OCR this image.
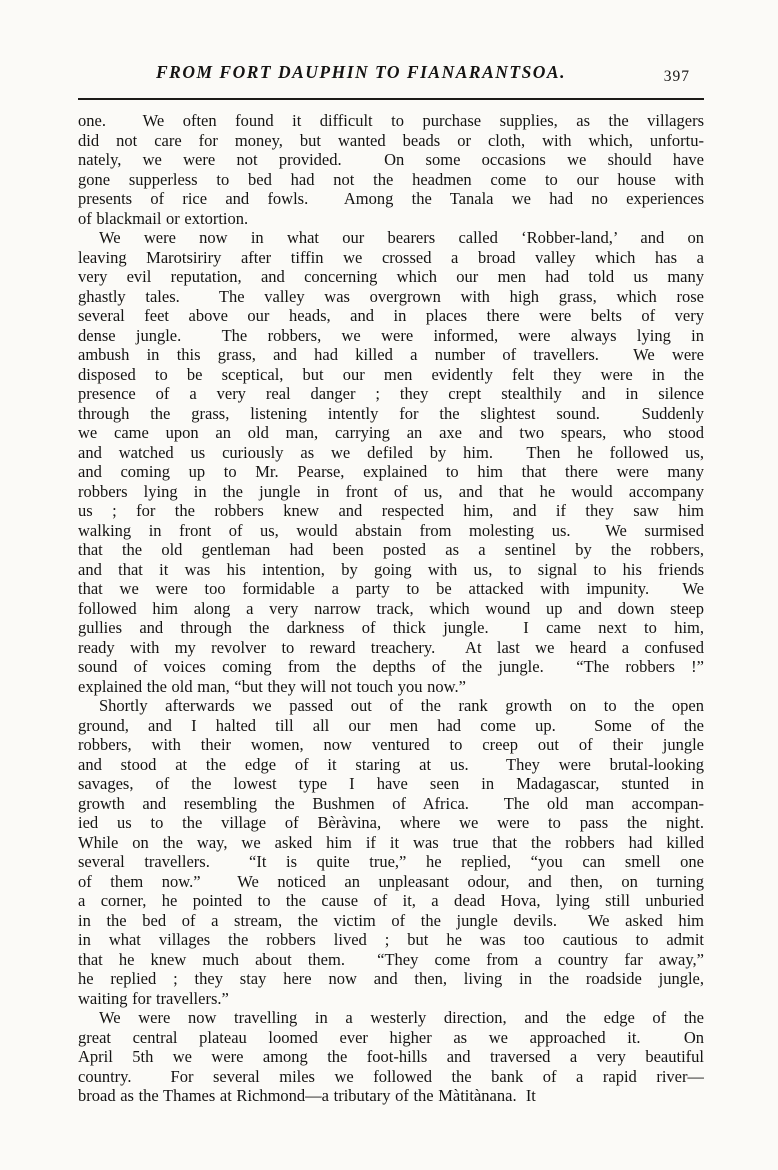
FROM FORT DAUPHIN TO FIANARANTSOA.	397
one.  We often found it difficult to purchase supplies, as the villagers
did not care for money, but wanted beads or cloth, with which, unfortu-
nately, we were not provided.  On some occasions we should have
gone supperless to bed had not the headmen come to our house with
presents of rice and fowls.  Among the Tanala we had no experiences
of blackmail or extortion.
We were now in what our bearers called ‘Robber-land,’ and on
leaving Marotsiriry after tiffin we crossed a broad valley which has a
very evil reputation, and concerning which our men had told us many
ghastly tales.  The valley was overgrown with high grass, which rose
several feet above our heads, and in places there were belts of very
dense jungle.  The robbers, we were informed, were always lying in
ambush in this grass, and had killed a number of travellers.  We were
disposed to be sceptical, but our men evidently felt they were in the
presence of a very real danger ; they crept stealthily and in silence
through the grass, listening intently for the slightest sound.  Suddenly
we came upon an old man, carrying an axe and two spears, who stood
and watched us curiously as we defiled by him.  Then he followed us,
and coming up to Mr. Pearse, explained to him that there were many
robbers lying in the jungle in front of us, and that he would accompany
us ; for the robbers knew and respected him, and if they saw him
walking in front of us, would abstain from molesting us.  We surmised
that the old gentleman had been posted as a sentinel by the robbers,
and that it was his intention, by going with us, to signal to his friends
that we were too formidable a party to be attacked with impunity.  We
followed him along a very narrow track, which wound up and down steep
gullies and through the darkness of thick jungle.  I came next to him,
ready with my revolver to reward treachery.  At last we heard a confused
sound of voices coming from the depths of the jungle.  “The robbers !”
explained the old man, “but they will not touch you now.”
Shortly afterwards we passed out of the rank growth on to the open
ground, and I halted till all our men had come up.  Some of the
robbers, with their women, now ventured to creep out of their jungle
and stood at the edge of it staring at us.  They were brutal-looking
savages, of the lowest type I have seen in Madagascar, stunted in
growth and resembling the Bushmen of Africa.  The old man accompan-
ied us to the village of Bèràvina, where we were to pass the night.
While on the way, we asked him if it was true that the robbers had killed
several travellers.  “It is quite true,” he replied, “you can smell one
of them now.”  We noticed an unpleasant odour, and then, on turning
a corner, he pointed to the cause of it, a dead Hova, lying still unburied
in the bed of a stream, the victim of the jungle devils.  We asked him
in what villages the robbers lived ; but he was too cautious to admit
that he knew much about them.  “They come from a country far away,”
he replied ; they stay here now and then, living in the roadside jungle,
waiting for travellers.”
We were now travelling in a westerly direction, and the edge of the
great central plateau loomed ever higher as we approached it.  On
April 5th we were among the foot-hills and traversed a very beautiful
country.  For several miles we followed the bank of a rapid river—
broad as the Thames at Richmond—a tributary of the Màtitànana.  It
